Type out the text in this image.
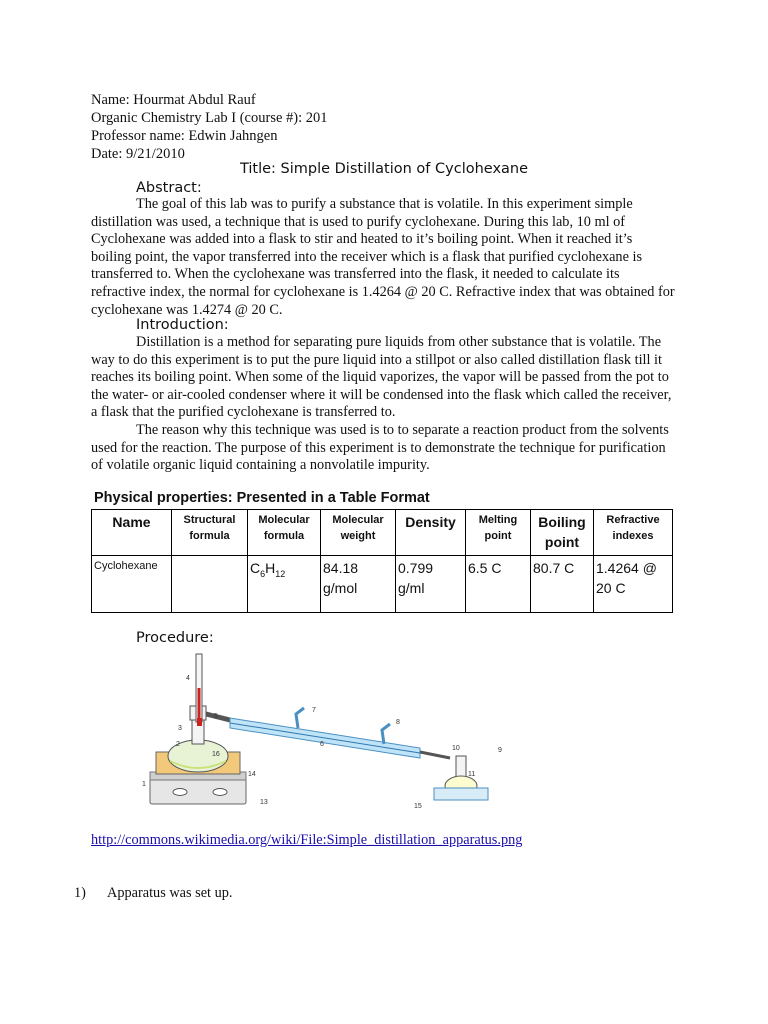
Name: Hourmat Abdul Rauf
Organic Chemistry Lab I (course #): 201
Professor name: Edwin Jahngen
Date: 9/21/2010
Title: Simple Distillation of Cyclohexane
Abstract:
The goal of this lab was to purify a substance that is volatile. In this experiment simple distillation was used, a technique that is used to purify cyclohexane. During this lab, 10 ml of Cyclohexane was added into a flask to stir and heated to it’s boiling point. When it reached it’s boiling point, the vapor transferred into the receiver which is a flask that purified cyclohexane is transferred to. When the cyclohexane was transferred into the flask, it needed to calculate its refractive index, the normal for cyclohexane is 1.4264 @ 20 C. Refractive index that was obtained for cyclohexane was 1.4274 @ 20 C.
Introduction:
Distillation is a method for separating pure liquids from other substance that is volatile. The way to do this experiment is to put the pure liquid into a stillpot or also called distillation flask till it reaches its boiling point. When some of the liquid vaporizes, the vapor will be passed from the pot to the water- or air-cooled condenser where it will be condensed into the flask which called the receiver, a flask that the purified cyclohexane is transferred to.
The reason why this technique was used is to to separate a reaction product from the solvents used for the reaction. The purpose of this experiment is to demonstrate the technique for purification of volatile organic liquid containing a nonvolatile impurity.
Physical properties: Presented in a Table Format
Name	Structural formula	Molecular formula	Molecular weight	Density	Melting point	Boiling point	Refractive indexes
Cyclohexane		$C_6H_{12}$	84.18 g/mol	0.799 g/ml	6.5 C	80.7 C	1.4264 @ 20 C
Procedure:
1
2
3
4
5
6
7
8
9
10
11
13
14
15
16
http://commons.wikimedia.org/wiki/File:Simple_distillation_apparatus.png
1) Apparatus was set up.
